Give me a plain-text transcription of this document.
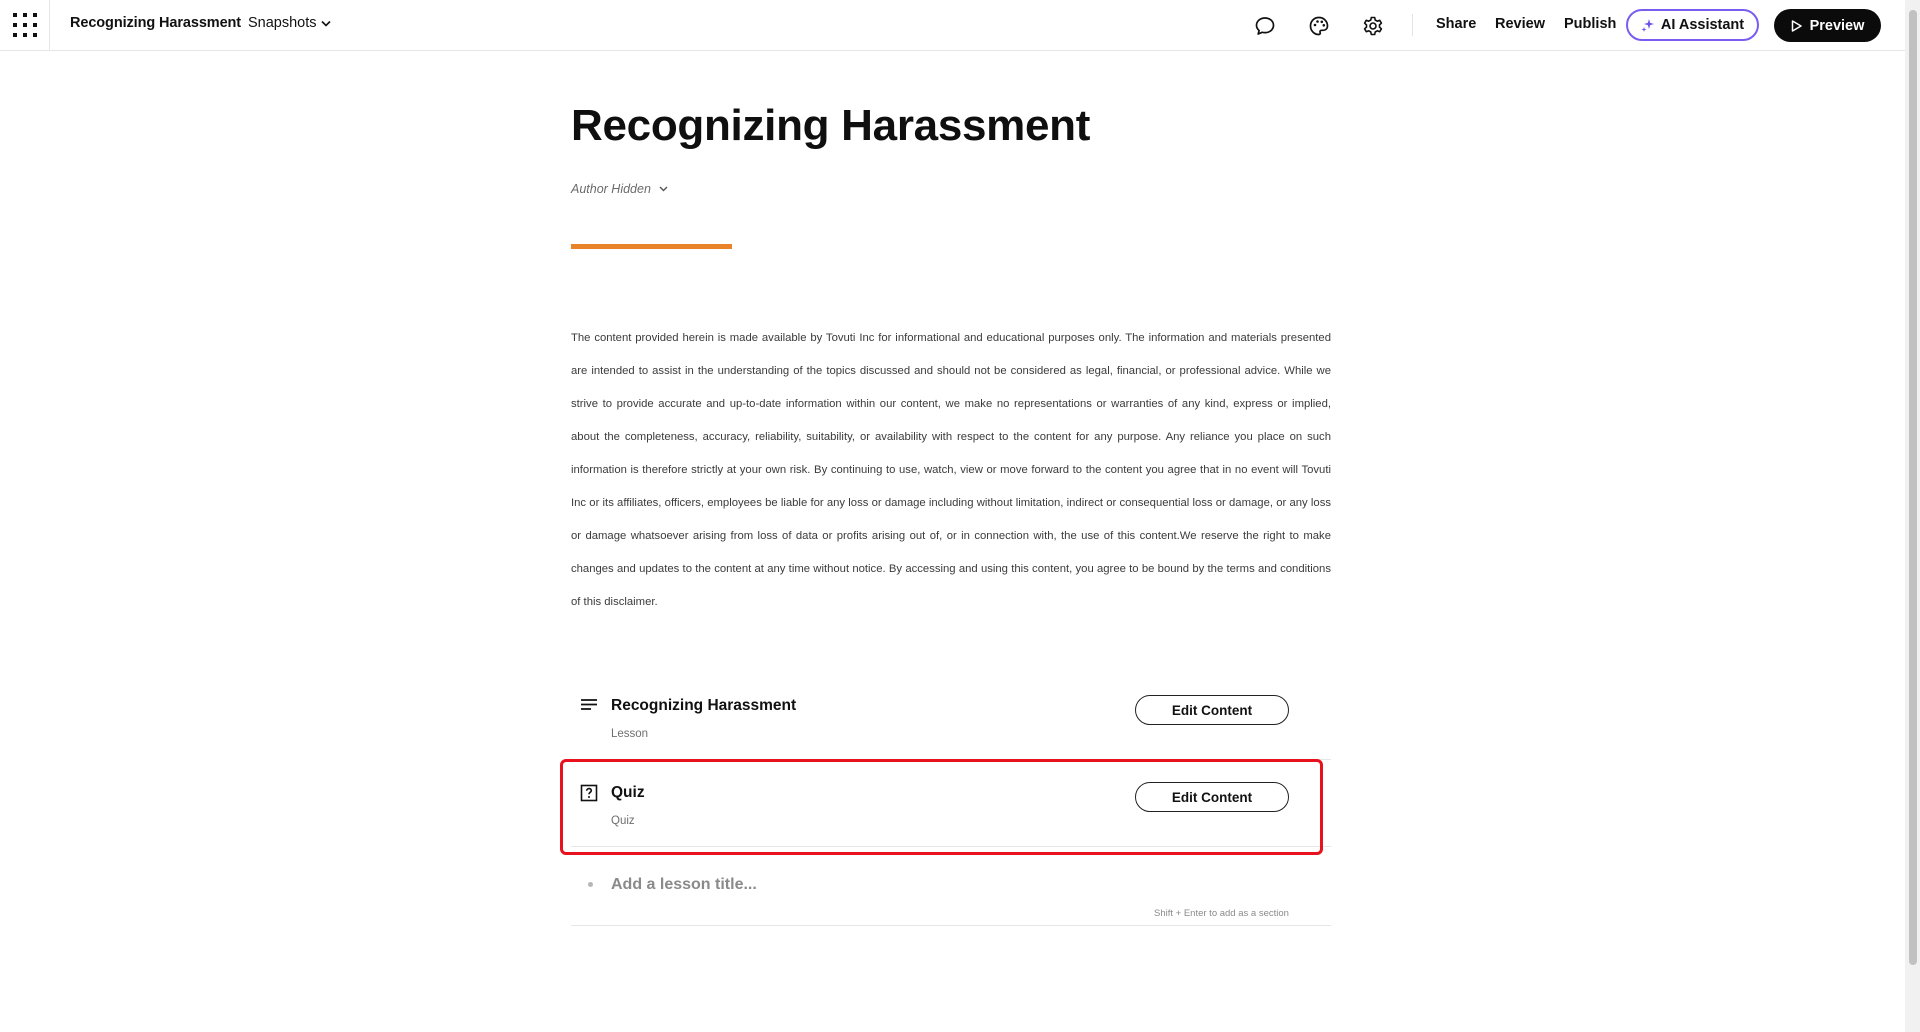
Recognizing Harassment Snapshots	Share Review Publish	AI Assistant	Preview
Recognizing Harassment
Author Hidden

The content provided herein is made available by Tovuti Inc for informational and educational purposes only. The information and materials presented are intended to assist in the understanding of the topics discussed and should not be considered as legal, financial, or professional advice. While we strive to provide accurate and up-to-date information within our content, we make no representations or warranties of any kind, express or implied, about the completeness, accuracy, reliability, suitability, or availability with respect to the content for any purpose. Any reliance you place on such information is therefore strictly at your own risk. By continuing to use, watch, view or move forward to the content you agree that in no event will Tovuti Inc or its affiliates, officers, employees be liable for any loss or damage including without limitation, indirect or consequential loss or damage, or any loss or damage whatsoever arising from loss of data or profits arising out of, or in connection with, the use of this content.We reserve the right to make changes and updates to the content at any time without notice. By accessing and using this content, you agree to be bound by the terms and conditions of this disclaimer.

Recognizing Harassment
Lesson
Edit Content
Quiz
Quiz
Edit Content
Add a lesson title...
Shift + Enter to add as a section
